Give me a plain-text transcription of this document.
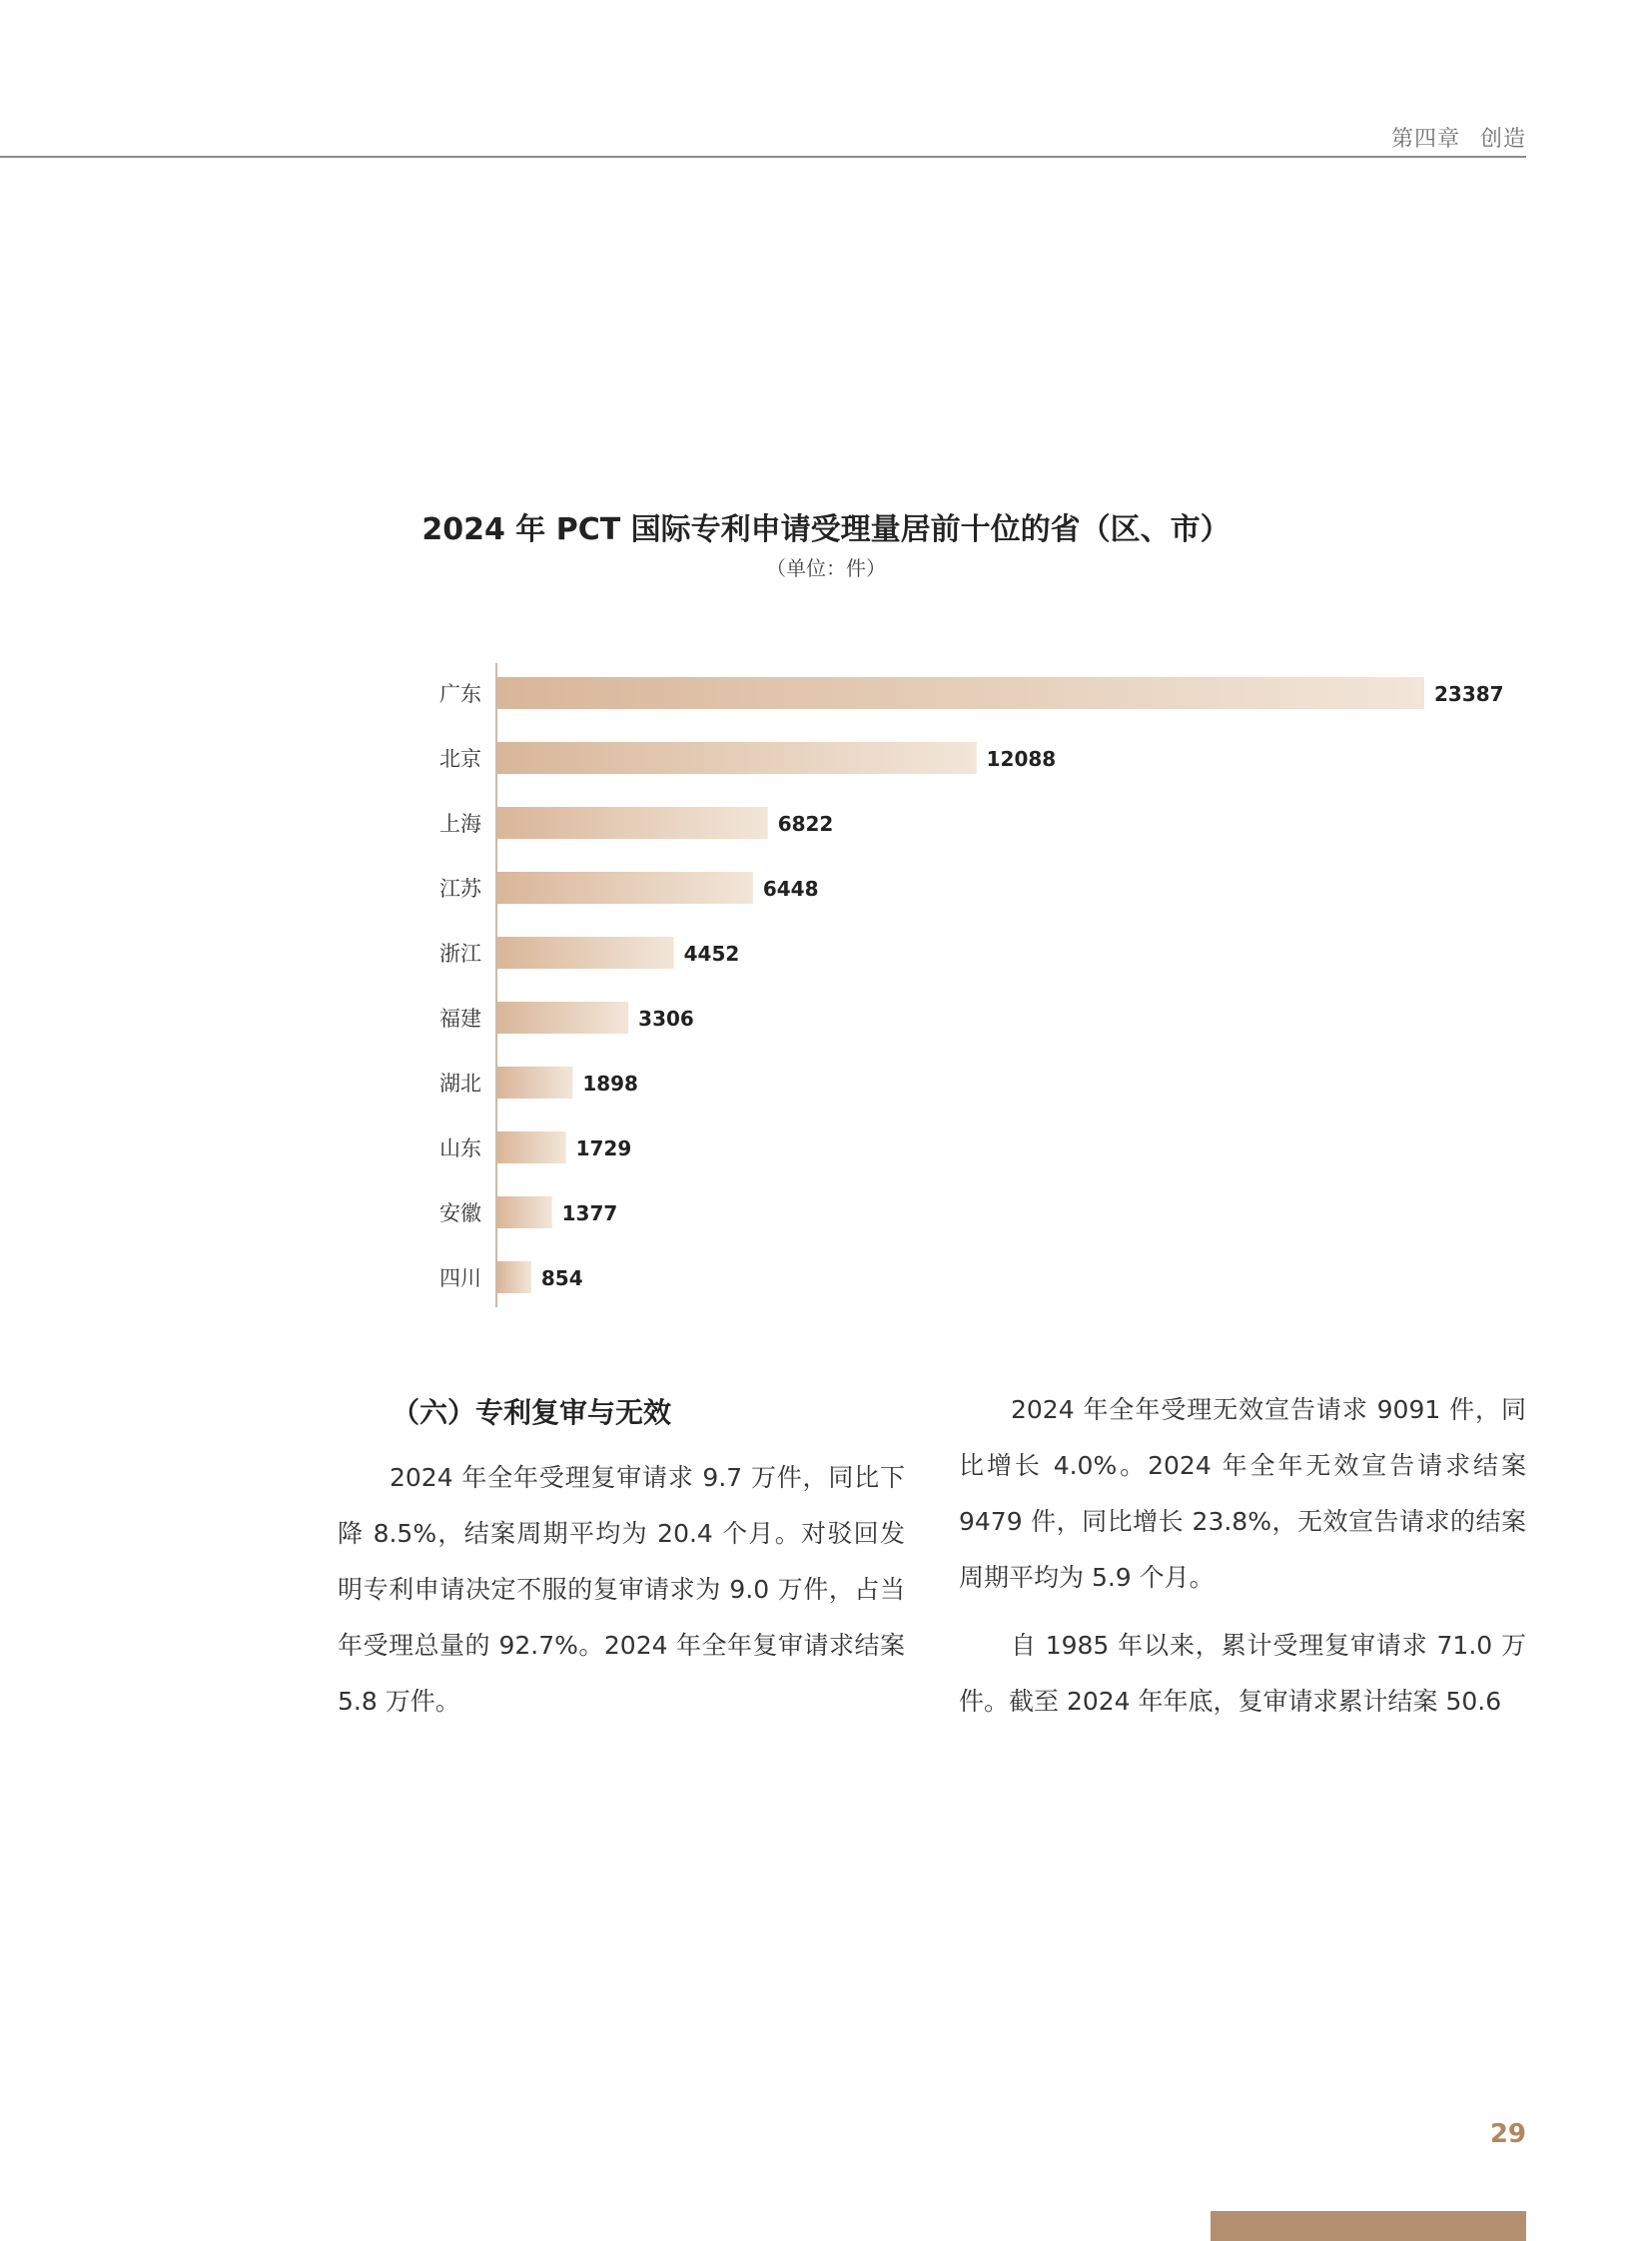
第四章 创造
2024 年 PCT 国际专利申请受理量居前十位的省（区、市）
（单位：件）
广东	23387
北京	12088
上海	6822
江苏	6448
浙江	4452
福建	3306
湖北	1898
山东	1729
安徽	1377
四川	854
（六）专利复审与无效

2024 年全年受理复审请求 9.7 万件，同比下降 8.5%，结案周期平均为 20.4 个月。对驳回发明专利申请决定不服的复审请求为 9.0 万件，占当年受理总量的 92.7%。2024 年全年复审请求结案 5.8 万件。

2024 年全年受理无效宣告请求 9091 件，同比增长 4.0%。2024 年全年无效宣告请求结案 9479 件，同比增长 23.8%，无效宣告请求的结案周期平均为 5.9 个月。

自 1985 年以来，累计受理复审请求 71.0 万件。截至 2024 年年底，复审请求累计结案 50.6

29
